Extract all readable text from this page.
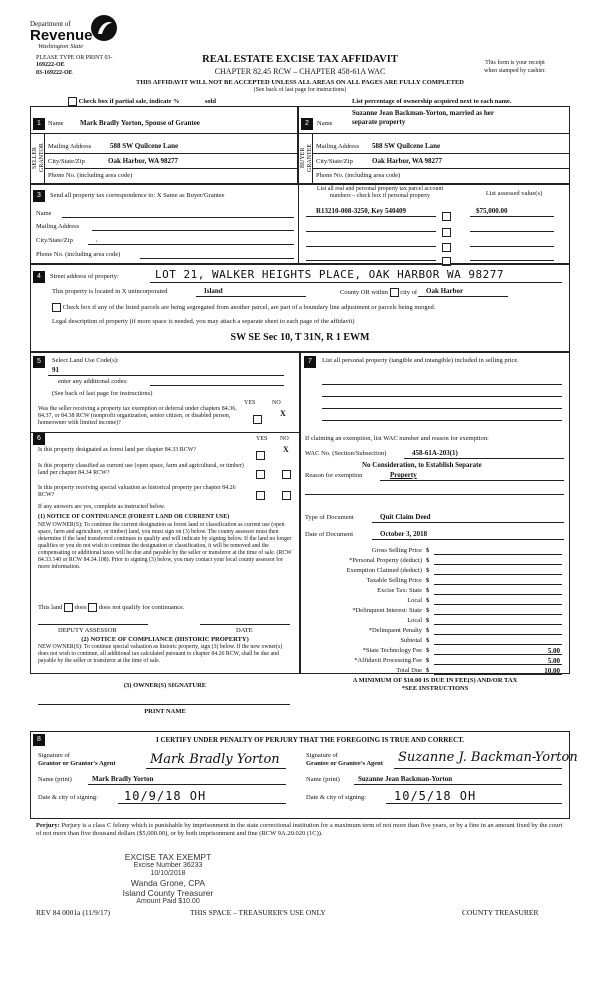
Department of
Revenue
Washington State
PLEASE TYPE OR PRINT 03-
169222-OE
03-169222-OE
REAL ESTATE EXCISE TAX AFFIDAVIT
CHAPTER 82.45 RCW – CHAPTER 458-61A WAC
This form is your receipt
when stamped by cashier.
THIS AFFIDAVIT WILL NOT BE ACCEPTED UNLESS ALL AREAS ON ALL PAGES ARE FULLY COMPLETED
(See back of last page for instructions)
Check box if partial sale, indicate %	sold	List percentage of ownership acquired next to each name.
1	2
Name Mark Bradly Yorton, Spouse of Grantee
SELLER
GRANTOR Mailing Address	588 SW Quilcene Lane
City/State/Zip	Oak Harbor, WA 98277
Phone No. (including area code)
Name
Suzanne Jean Backman-Yorton, married as her
separate property
BUYER
GRANTEE Mailing Address 588 SW Quilcene Lane
City/State/Zip	Oak Harbor, WA 98277
Phone No. (including area code)
3	Send all property tax correspondence to: X Same as Buyer/Grantee
Name
Mailing Address
City/State/Zip	,
Phone No. (including area code)
List all real and personal property tax parcel account
numbers – check box if personal property	List assessed value(s)
R13210-008-3250, Key 540409	$75,000.00
4	Street address of property:	LOT 21, WALKER HEIGHTS PLACE, OAK HARBOR WA 98277
This property is located in X unincorporated	Island	County OR within city of Oak Harbor
Check box if any of the listed parcels are being segregated from another parcel, are part of a boundary line adjustment or parcels being merged.
Legal description of property (if more space is needed, you may attach a separate sheet to each page of the affidavit)
SW SE Sec 10, T 31N, R 1 EWM
5	Select Land Use Code(s):
91
enter any additional codes:
(See back of last page for instructions)
YES	NO
Was the seller receiving a property tax exemption or deferral under chapters 84.36, 84.37, or 84.38 RCW (nonprofit organization, senior citizen, or disabled person, homeowner with limited income)?
X
6	YES NO
Is this property designated as forest land per chapter 84.33 RCW?	X
Is this property classified as current use (open space, farm and agricultural, or timber) land per chapter 84.34 RCW?
Is this property receiving special valuation as historical property per chapter 84.26 RCW?
If any answers are yes, complete as instructed below.
(1) NOTICE OF CONTINUANCE (FOREST LAND OR CURRENT USE)
NEW OWNER(S): To continue the current designation as forest land or classification as current use (open space, farm and agriculture, or timber) land, you must sign on (3) below. The county assessor must then determine if the land transferred continues to qualify and will indicate by signing below. If the land no longer qualifies or you do not wish to continue the designation or classification, it will be removed and the compensating or additional taxes will be due and payable by the seller or transferor at the time of sale. (RCW 84.33.140 or RCW 84.34.108). Prior to signing (3) below, you may contact your local county assessor for more information.
This land does does not qualify for continuance.
DEPUTY ASSESSOR	DATE
(2) NOTICE OF COMPLIANCE (HISTORIC PROPERTY)
NEW OWNER(S): To continue special valuation as historic property, sign (3) below. If the new owner(s) does not wish to continue, all additional tax calculated pursuant to chapter 84.26 RCW, shall be due and payable by the seller or transferor at the time of sale.
(3) OWNER(S) SIGNATURE
PRINT NAME
7	List all personal property (tangible and intangible) included in selling price.
If claiming an exemption, list WAC number and reason for exemption:
WAC No. (Section/Subsection)	458-61A-203(1)
No Consideration, to Establish Separate
Reason for exemption	Property
Type of Document	Quit Claim Deed
Date of Document	October 3, 2018
Gross Selling Price $
*Personal Property (deduct) $
Exemption Claimed (deduct) $
Taxable Selling Price $
Excise Tax: State $
Local $
*Delinquent Interest: State $
Local $
*Delinquent Penalty $
Subtotal $
*State Technology Fee $	5.00
*Affidavit Processing Fee $	5.00
Total Due $	10.00
A MINIMUM OF $10.00 IS DUE IN FEE(S) AND/OR TAX
*SEE INSTRUCTIONS
8	I CERTIFY UNDER PENALTY OF PERJURY THAT THE FOREGOING IS TRUE AND CORRECT.
Signature of
Grantor or Grantor's Agent	Mark Bradly Yorton
Name (print)	Mark Bradly Yorton
Date & city of signing: 10/9/18 OH
Signature of
Grantee or Grantee's Agent Suzanne J. Backman-Yorton
Name (print)	Suzanne Jean Backman-Yorton
Date & city of signing: 10/5/18 OH
Perjury: Perjury is a class C felony which is punishable by imprisonment in the state correctional institution for a maximum term of not more than five years, or by a fine in an amount fixed by the court of not more than five thousand dollars ($5,000.00), or by both imprisonment and fine (RCW 9A.20.020 (1C)).
EXCISE TAX EXEMPT
Excise Number 36233
10/10/2018
Wanda Grone, CPA
Island County Treasurer
Amount Paid $10.00
REV 84 0001a (11/9/17)	THIS SPACE – TREASURER'S USE ONLY	COUNTY TREASURER
